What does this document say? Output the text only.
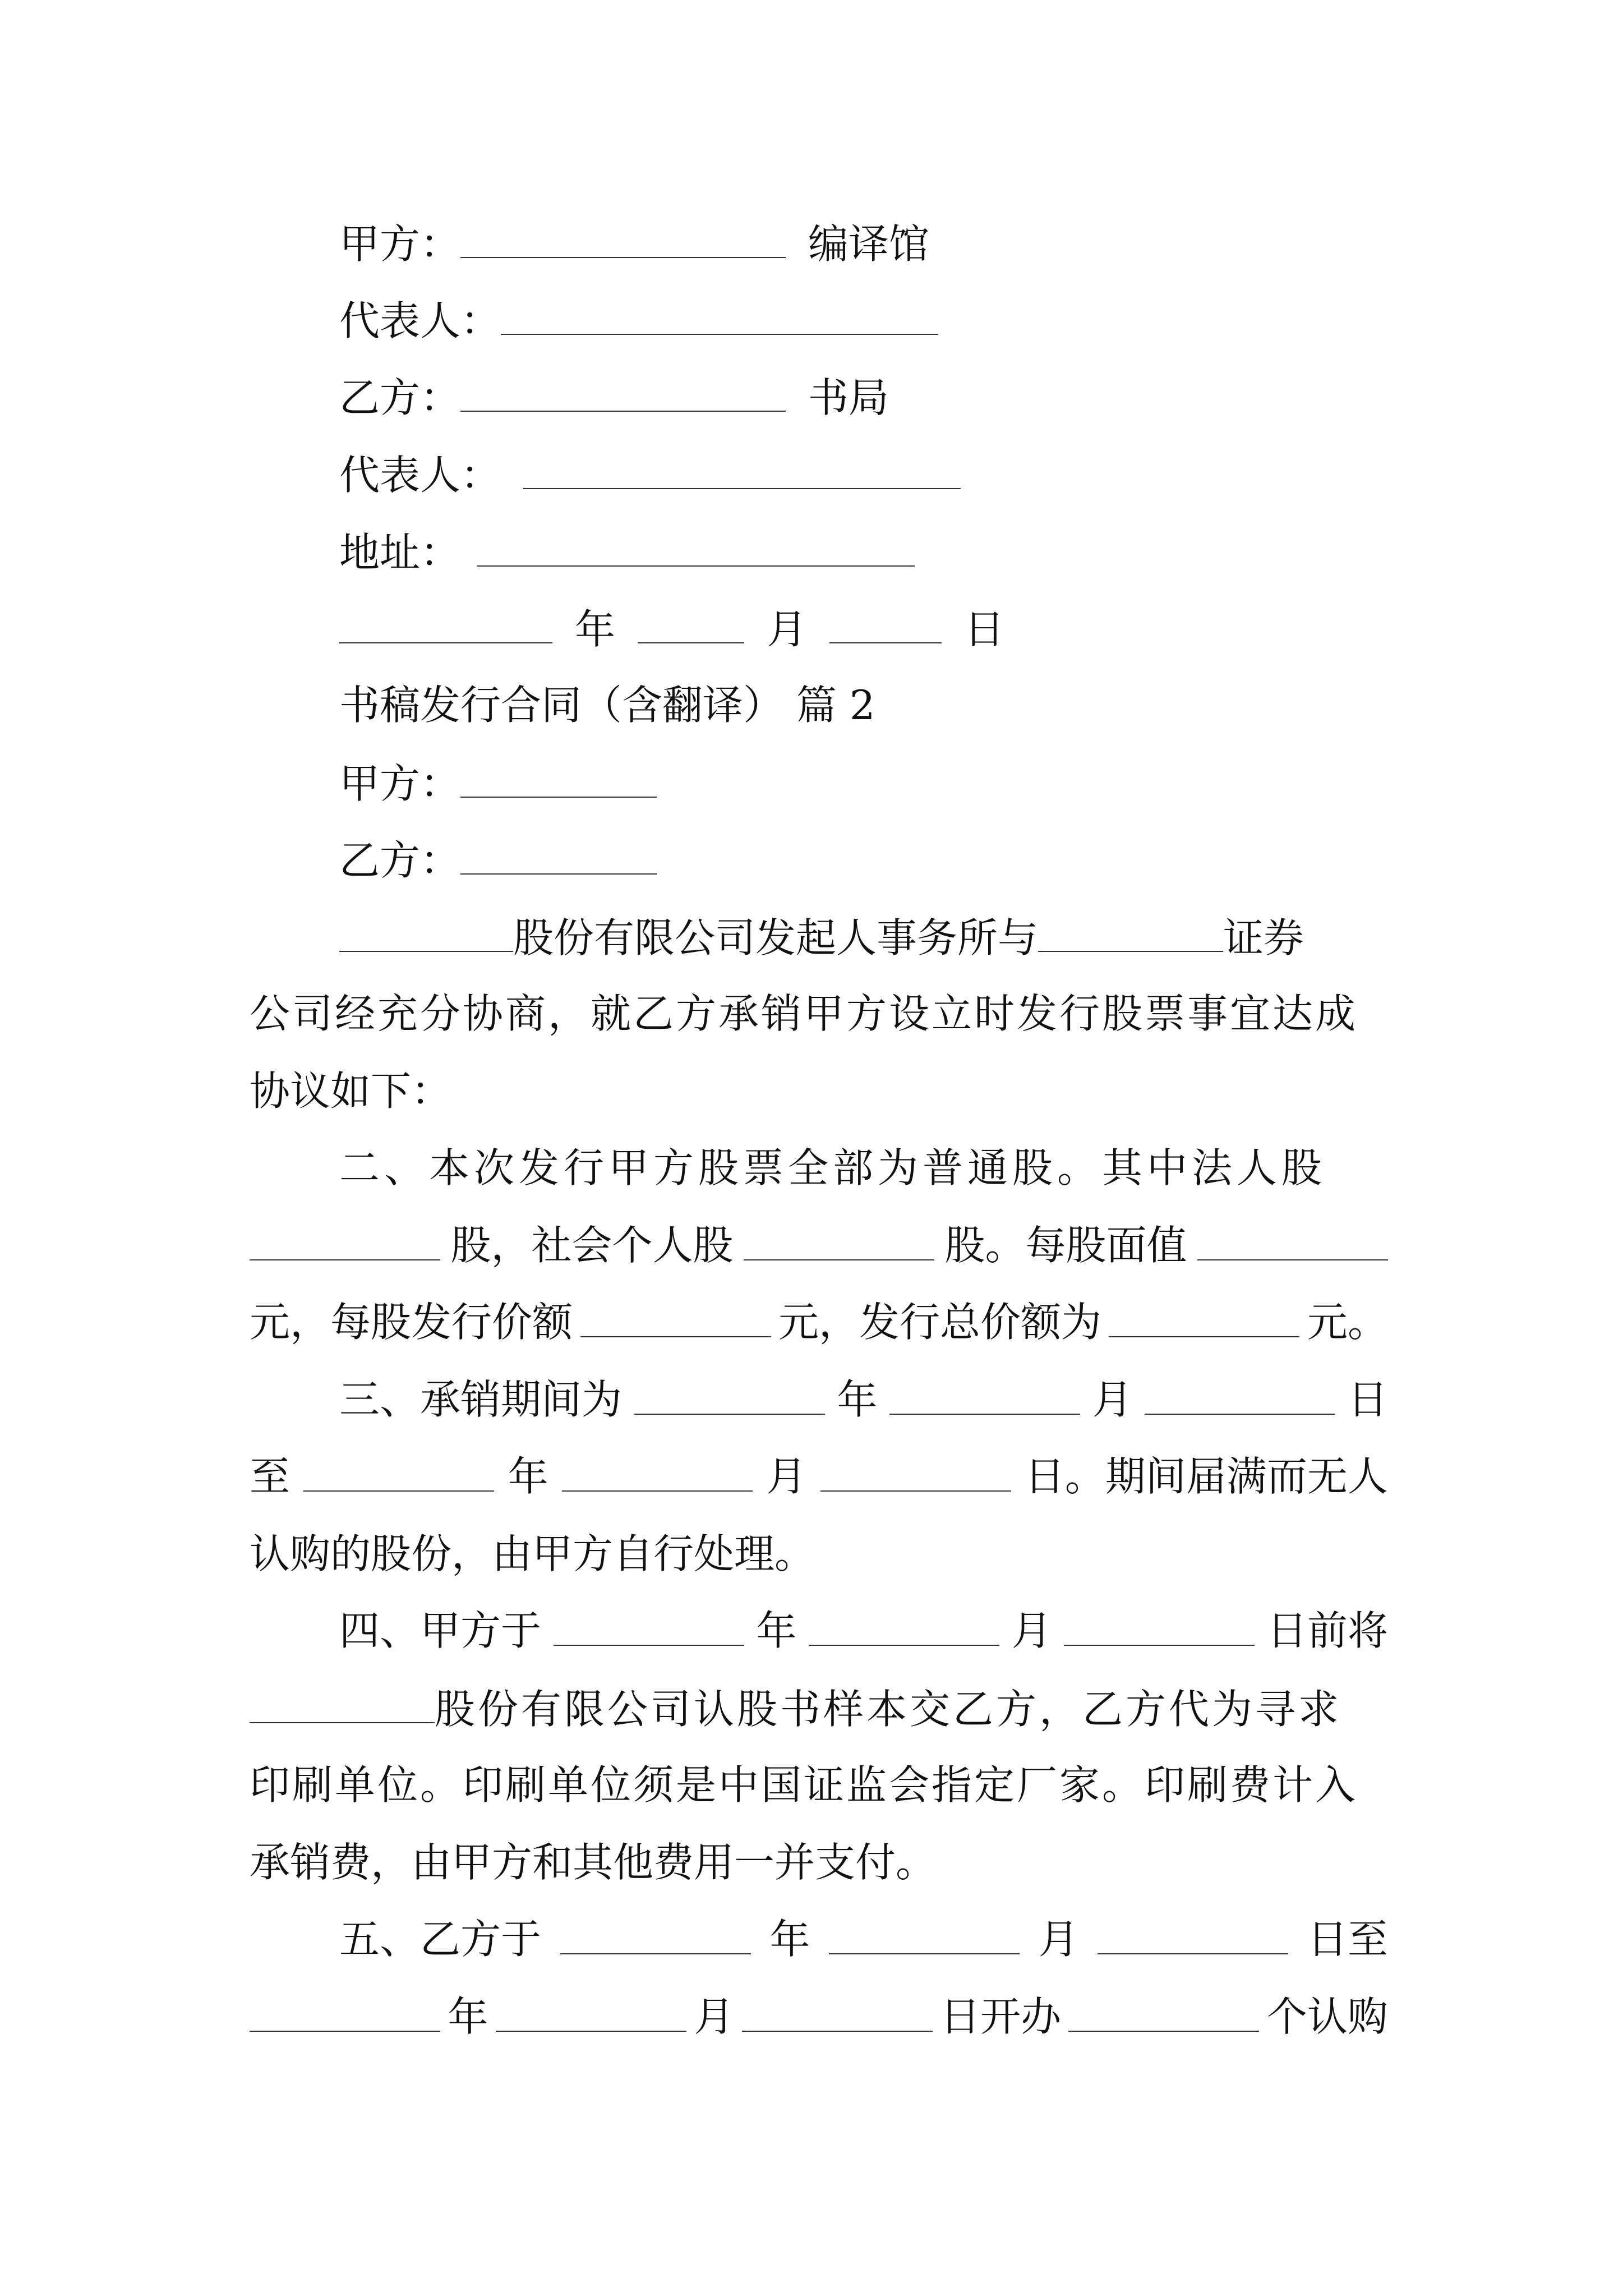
甲方：	编译馆
代表人：
乙方：	书局
代表人：
地址：
年	月	日
书稿发行合同（含翻译） 篇 2
甲方：
乙方：
股份有限公司发起人事务所与	证券
公司经充分协商，就乙方承销甲方设立时发行股票事宜达成
协议如下：
二、本次发行甲方股票全部为普通股。其中法人股
股，社会个人股	股。每股面值
元，每股发行价额	元，发行总价额为	元。
三、承销期间为	年	月	日
至	年	月	日。期间届满而无人
认购的股份，由甲方自行处理。
四、甲方于	年	月	日前将
股份有限公司认股书样本交乙方，乙方代为寻求
印刷单位。印刷单位须是中国证监会指定厂家。印刷费计入
承销费，由甲方和其他费用一并支付。
五、乙方于	年	月	日至
年	月	日开办	个认购
